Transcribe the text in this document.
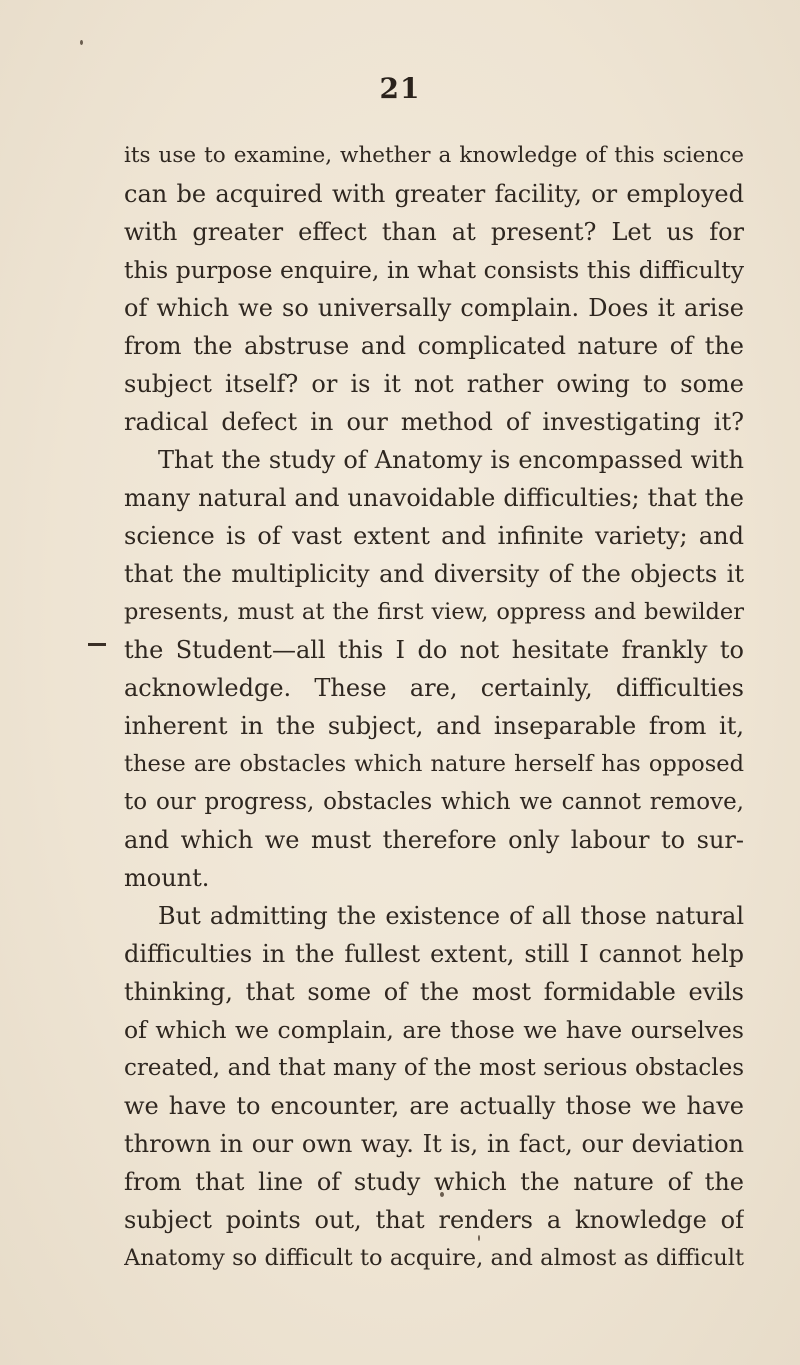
21
its use to examine, whether a knowledge of this science
can be acquired with greater facility, or employed
with greater effect than at present? Let us for
this purpose enquire, in what consists this difficulty
of which we so universally complain. Does it arise
from the abstruse and complicated nature of the
subject itself? or is it not rather owing to some
radical defect in our method of investigating it?
That the study of Anatomy is encompassed with
many natural and unavoidable difficulties; that the
science is of vast extent and infinite variety; and
that the multiplicity and diversity of the objects it
presents, must at the first view, oppress and bewilder
the Student—all this I do not hesitate frankly to
acknowledge. These are, certainly, difficulties
inherent in the subject, and inseparable from it,
these are obstacles which nature herself has opposed
to our progress, obstacles which we cannot remove,
and which we must therefore only labour to sur-
mount.
But admitting the existence of all those natural
difficulties in the fullest extent, still I cannot help
thinking, that some of the most formidable evils
of which we complain, are those we have ourselves
created, and that many of the most serious obstacles
we have to encounter, are actually those we have
thrown in our own way. It is, in fact, our deviation
from that line of study which the nature of the
subject points out, that renders a knowledge of
Anatomy so difficult to acquire, and almost as difficult
